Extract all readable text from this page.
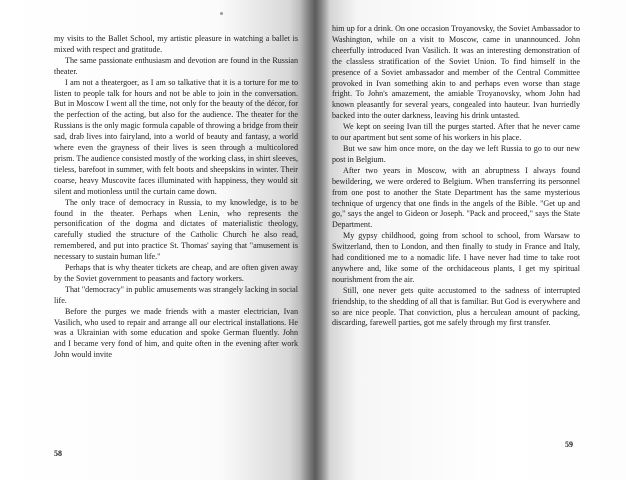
my visits to the Ballet School, my artistic pleasure in watching a ballet is mixed with respect and gratitude.

The same passionate enthusiasm and devotion are found in the Russian theater.

I am not a theatergoer, as I am so talkative that it is a torture for me to listen to people talk for hours and not be able to join in the conversation. But in Moscow I went all the time, not only for the beauty of the décor, for the perfection of the acting, but also for the audience. The theater for the Russians is the only magic formula capable of throwing a bridge from their sad, drab lives into fairyland, into a world of beauty and fantasy, a world where even the grayness of their lives is seen through a multicolored prism. The audience consisted mostly of the working class, in shirt sleeves, tieless, barefoot in summer, with felt boots and sheepskins in winter. Their coarse, heavy Muscovite faces illuminated with happiness, they would sit silent and motionless until the curtain came down.

The only trace of democracy in Russia, to my knowledge, is to be found in the theater. Perhaps when Lenin, who represents the personification of the dogma and dictates of materialistic theology, carefully studied the structure of the Catholic Church he also read, remembered, and put into practice St. Thomas' saying that "amusement is necessary to sustain human life."

Perhaps that is why theater tickets are cheap, and are often given away by the Soviet government to peasants and factory workers.

That "democracy" in public amusements was strangely lacking in social life.

Before the purges we made friends with a master electrician, Ivan Vasilich, who used to repair and arrange all our electrical installations. He was a Ukrainian with some education and spoke German fluently. John and I became very fond of him, and quite often in the evening after work John would invite

58

him up for a drink. On one occasion Troyanovsky, the Soviet Ambassador to Washington, while on a visit to Moscow, came in unannounced. John cheerfully introduced Ivan Vasilich. It was an interesting demonstration of the classless stratification of the Soviet Union. To find himself in the presence of a Soviet ambassador and member of the Central Committee provoked in Ivan something akin to and perhaps even worse than stage fright. To John's amazement, the amiable Troyanovsky, whom John had known pleasantly for several years, congealed into hauteur. Ivan hurriedly backed into the outer darkness, leaving his drink untasted.

We kept on seeing Ivan till the purges started. After that he never came to our apartment but sent some of his workers in his place.

But we saw him once more, on the day we left Russia to go to our new post in Belgium.

After two years in Moscow, with an abruptness I always found bewildering, we were ordered to Belgium. When transferring its personnel from one post to another the State Department has the same mysterious technique of urgency that one finds in the angels of the Bible. "Get up and go," says the angel to Gideon or Joseph. "Pack and proceed," says the State Department.

My gypsy childhood, going from school to school, from Warsaw to Switzerland, then to London, and then finally to study in France and Italy, had conditioned me to a nomadic life. I have never had time to take root anywhere and, like some of the orchidaceous plants, I get my spiritual nourishment from the air.

Still, one never gets quite accustomed to the sadness of interrupted friendship, to the shedding of all that is familiar. But God is everywhere and so are nice people. That conviction, plus a herculean amount of packing, discarding, farewell parties, got me safely through my first transfer.

59
